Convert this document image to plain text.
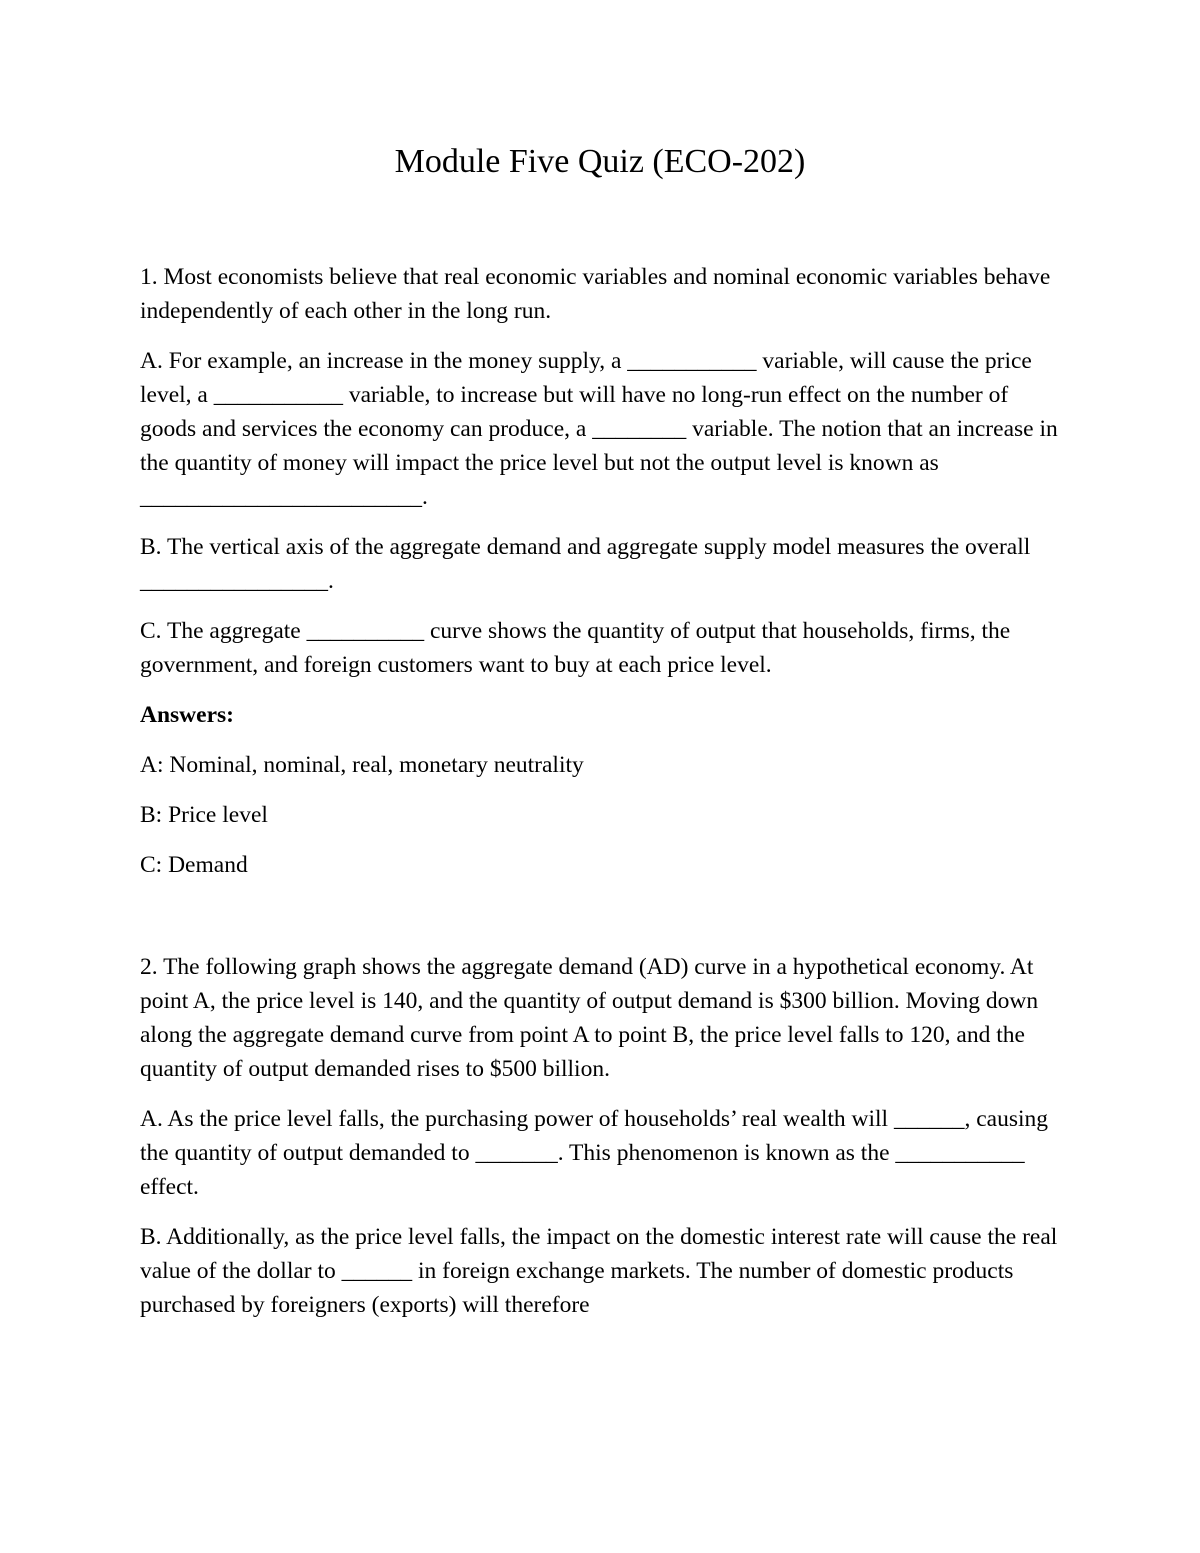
Module Five Quiz (ECO-202)

1. Most economists believe that real economic variables and nominal economic variables behave independently of each other in the long run.

A. For example, an increase in the money supply, a ___________ variable, will cause the price level, a ___________ variable, to increase but will have no long-run effect on the number of goods and services the economy can produce, a ________ variable. The notion that an increase in the quantity of money will impact the price level but not the output level is known as ________________________.

B. The vertical axis of the aggregate demand and aggregate supply model measures the overall ________________.

C. The aggregate __________ curve shows the quantity of output that households, firms, the government, and foreign customers want to buy at each price level.

Answers:

A: Nominal, nominal, real, monetary neutrality

B: Price level

C: Demand

2. The following graph shows the aggregate demand (AD) curve in a hypothetical economy. At point A, the price level is 140, and the quantity of output demand is $300 billion. Moving down along the aggregate demand curve from point A to point B, the price level falls to 120, and the quantity of output demanded rises to $500 billion.

A. As the price level falls, the purchasing power of households’ real wealth will ______, causing the quantity of output demanded to _______. This phenomenon is known as the ___________ effect.

B. Additionally, as the price level falls, the impact on the domestic interest rate will cause the real value of the dollar to ______ in foreign exchange markets. The number of domestic products purchased by foreigners (exports) will therefore
